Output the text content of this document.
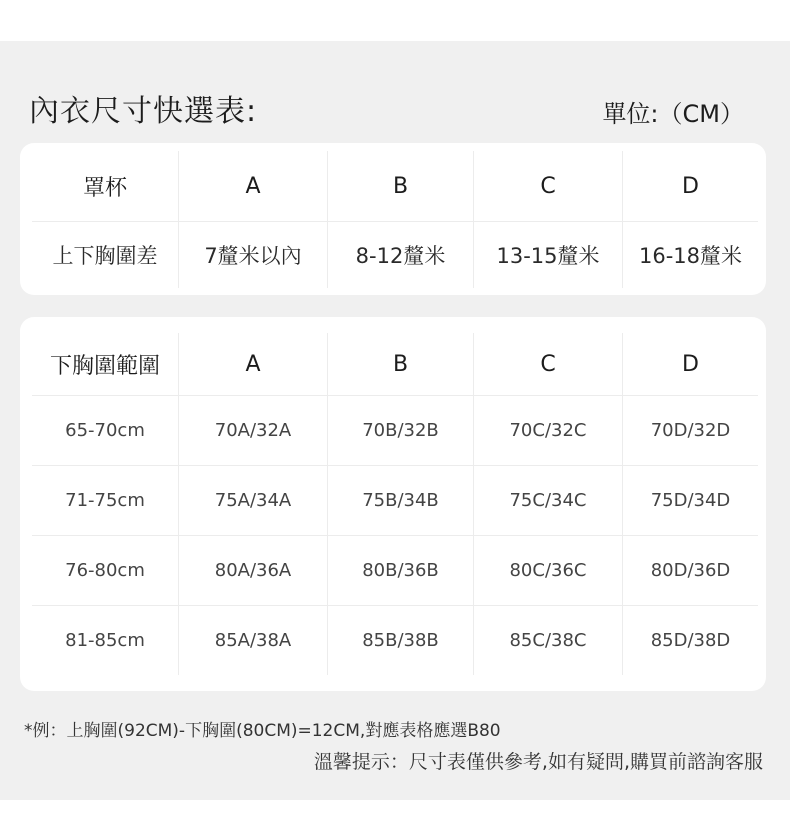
內衣尺寸快選表:	單位:（CM）
罩杯	A	B	C	D
上下胸圍差	7釐米以內	8-12釐米	13-15釐米	16-18釐米
下胸圍範圍	A	B	C	D
65-70cm	70A/32A	70B/32B	70C/32C	70D/32D
71-75cm	75A/34A	75B/34B	75C/34C	75D/34D
76-80cm	80A/36A	80B/36B	80C/36C	80D/36D
81-85cm	85A/38A	85B/38B	85C/38C	85D/38D
*例：上胸圍(92CM)-下胸圍(80CM)=12CM,對應表格應選B80
溫馨提示：尺寸表僅供參考,如有疑問,購買前諮詢客服
